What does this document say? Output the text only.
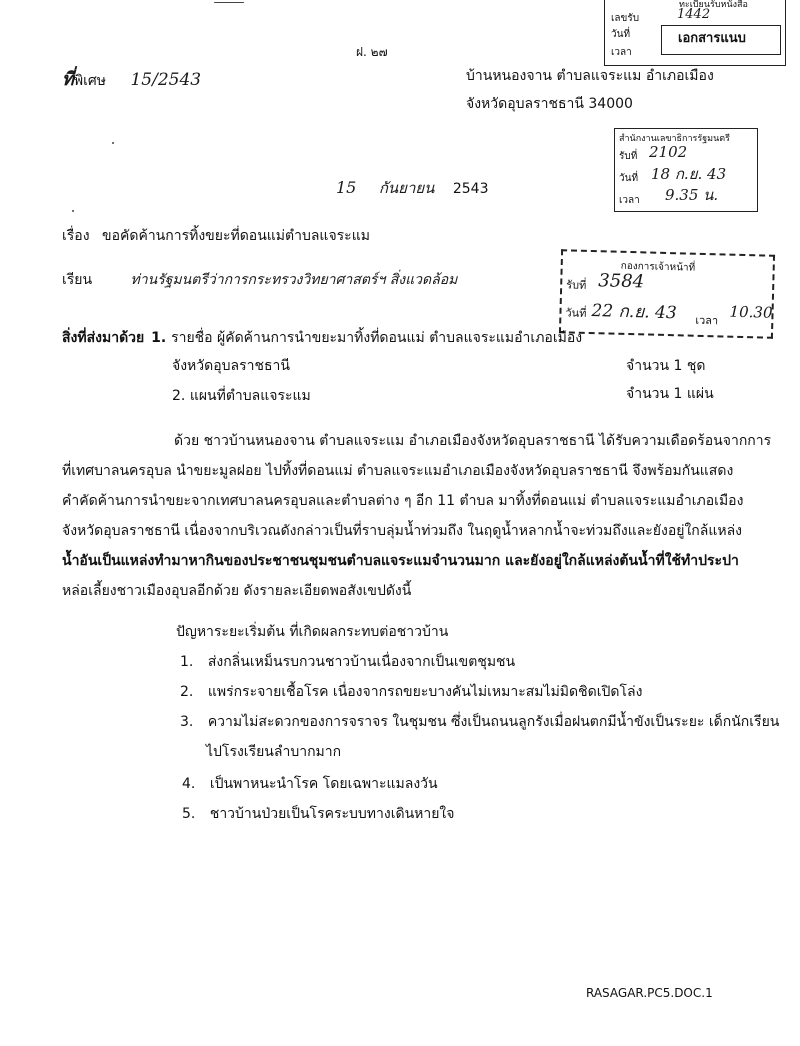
ทะเบียนรับหนังสือ
เลขรับ	1442
วันที่
เวลา
เอกสารแนบ
ฝ. ๒๗
ที่พิเศษ 15/2543	บ้านหนองจาน ตำบลแจระแม อำเภอเมือง
จังหวัดอุบลราชธานี 34000
สำนักงานเลขาธิการรัฐมนตรี
รับที่ 2102
วันที่ 18 ก.ย. 43
เวลา 9.35 น.
15 กันยายน 2543
เรื่อง ขอคัดค้านการทิ้งขยะที่ดอนแม่ตำบลแจระแม
เรียน	ท่านรัฐมนตรีว่าการกระทรวงวิทยาศาสตร์ฯ สิ่งแวดล้อม
กองการเจ้าหน้าที่
รับที่ 3584
วันที่ 22 ก.ย. 43 เวลา 10.30
สิ่งที่ส่งมาด้วย 1. รายชื่อ ผู้คัดค้านการนำขยะมาทิ้งที่ดอนแม่ ตำบลแจระแมอำเภอเมือง
จังหวัดอุบลราชธานี	จำนวน 1 ชุด
2. แผนที่ตำบลแจระแม	จำนวน 1 แผ่น

ด้วย ชาวบ้านหนองจาน ตำบลแจระแม อำเภอเมืองจังหวัดอุบลราชธานี ได้รับความเดือดร้อนจากการ

ที่เทศบาลนครอุบล นำขยะมูลฝอย ไปทิ้งที่ดอนแม่ ตำบลแจระแมอำเภอเมืองจังหวัดอุบลราชธานี จึงพร้อมกันแสดง

คำคัดค้านการนำขยะจากเทศบาลนครอุบลและตำบลต่าง ๆ อีก 11 ตำบล มาทิ้งที่ดอนแม่ ตำบลแจระแมอำเภอเมือง

จังหวัดอุบลราชธานี เนื่องจากบริเวณดังกล่าวเป็นที่ราบลุ่มน้ำท่วมถึง ในฤดูน้ำหลากน้ำจะท่วมถึงและยังอยู่ใกล้แหล่ง

น้ำอันเป็นแหล่งทำมาหากินของประชาชนชุมชนตำบลแจระแมจำนวนมาก และยังอยู่ใกล้แหล่งต้นน้ำที่ใช้ทำประปา

หล่อเลี้ยงชาวเมืองอุบลอีกด้วย ดังรายละเอียดพอสังเขปดังนี้

ปัญหาระยะเริ่มต้น ที่เกิดผลกระทบต่อชาวบ้าน
1. ส่งกลิ่นเหม็นรบกวนชาวบ้านเนื่องจากเป็นเขตชุมชน
2. แพร่กระจายเชื้อโรค เนื่องจากรถขยะบางคันไม่เหมาะสมไม่มิดชิดเปิดโล่ง
3. ความไม่สะดวกของการจราจร ในชุมชน ซึ่งเป็นถนนลูกรังเมื่อฝนตกมีน้ำขังเป็นระยะ เด็กนักเรียน
ไปโรงเรียนลำบากมาก
4. เป็นพาหนะนำโรค โดยเฉพาะแมลงวัน
5. ชาวบ้านป่วยเป็นโรคระบบทางเดินหายใจ
RASAGAR.PC5.DOC.1
